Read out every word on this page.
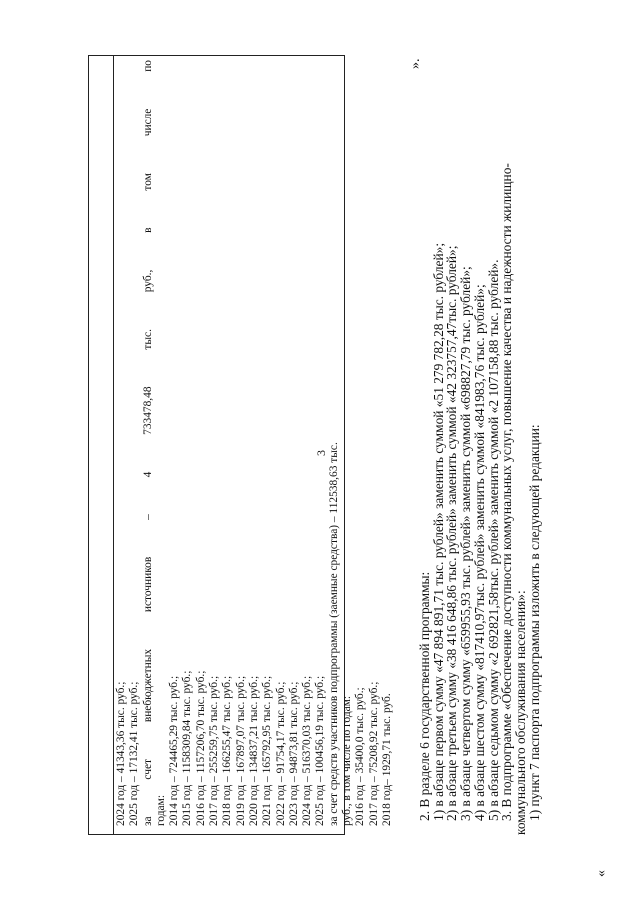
3
2024 год – 41343,36 тыс. руб.; 2025 год – 17132,41 тыс. руб.; за счет внебюджетных источников – 4 733478,48 тыс. руб., в том числе по годам: 2014 год – 724465,29 тыс. руб.; 2015 год – 1158309,84 тыс. руб.; 2016 год – 1157206,70 тыс. руб.; 2017 год – 255259,75 тыс. руб.; 2018 год – 166255,47 тыс. руб.; 2019 год – 167897,07 тыс. руб.; 2020 год – 134837,21 тыс. руб.; 2021 год – 165792,95 тыс. руб.; 2022 год – 91754,17 тыс. руб.; 2023 год – 94873,81 тыс. руб.; 2024 год – 516370,03 тыс. руб.; 2025 год – 100456,19 тыс. руб.; за счет средств участников подпрограммы (заемные средства) – 112538,63 тыс. руб., в том числе по годам: 2016 год – 35400,0 тыс. руб.; 2017 год – 75208,92 тыс. руб.; 2018 год– 1929,71 тыс. руб.
».
2. В разделе 6 государственной программы:
1) в абзаце первом сумму «47 894 891,71 тыс. рублей» заменить суммой «51 279 782,28 тыс. рублей»;
2) в абзаце третьем сумму «38 416 648,86 тыс. рублей» заменить суммой «42 323757,47тыс. рублей»;
3) в абзаце четвертом сумму «659955,93 тыс. рублей» заменить суммой «698827,79 тыс. рублей»;
4) в абзаце шестом сумму «817410,97тыс. рублей» заменить суммой «841983,76 тыс. рублей»;
5) в абзаце седьмом сумму «2 692821,58тыс. рублей» заменить суммой «2 107158,88 тыс. рублей».
3. В подпрограмме «Обеспечение доступности коммунальных услуг, повышение качества и надежности жилищно-
коммунального обслуживания населения»:
1) пункт 7 паспорта подпрограммы изложить в следующей редакции:
«
